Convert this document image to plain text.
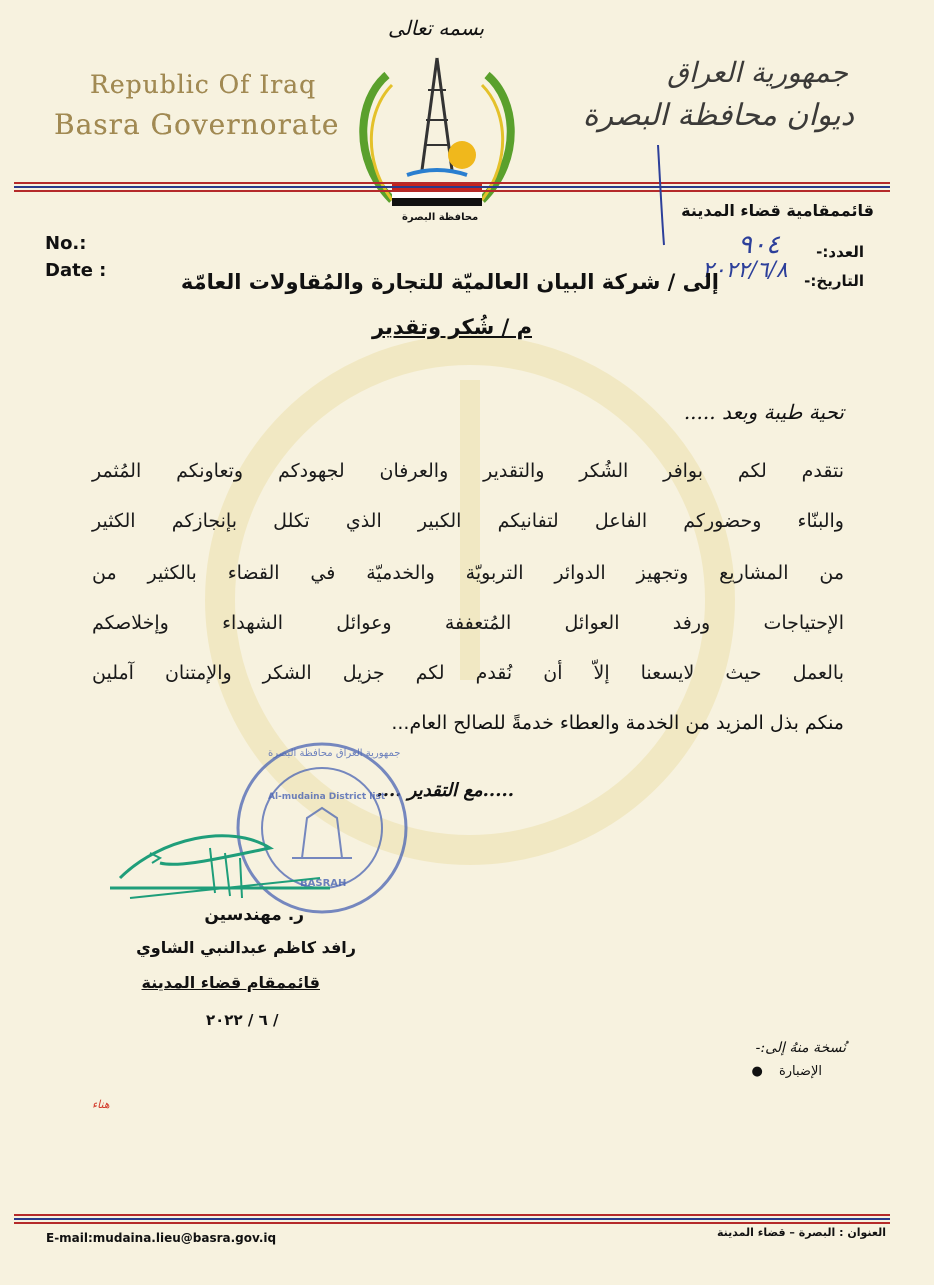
بسمه تعالى
Republic Of Iraq
Basra Governorate
جمهورية العراق
ديوان محافظة البصرة
محافظة البصرة	قائممقامية قضاء المدينة
No.:
Date :
العدد:-
٩٠٤
التاريخ:-
٢٠٢٢/٦/٨
إلى / شركة البيان العالميّة للتجارة والمُقاولات العامّة
م / شُكر وتقدير
تحية طيبة وبعد .....
نتقدم لكم بوافر الشُكر والتقدير والعرفان لجهودكم وتعاونكم المُثمر
والبنّاء وحضوركم الفاعل لتفانيكم الكبير الذي تكلل بإنجازكم الكثير
من المشاريع وتجهيز الدوائر التربويّة والخدميّة في القضاء بالكثير من
الإحتياجات ورفد العوائل المُتعففة وعوائل الشهداء وإخلاصكم
بالعمل حيث لايسعنا إلاّ أن نُقدم لكم جزيل الشكر والإمتنان آملين
منكم بذل المزيد من الخدمة والعطاء خدمةً للصالح العام...
.....مع التقدير ....
جمهورية العراق محافظة البصرة
Al-mudaina District list
BASRAH
ر. مهندسين
رافد كاظم عبدالنبي الشاوي
قائممقام قضاء المدينة
/ ٦ / ٢٠٢٢
نُسخة منهُ إلى:-
الإضبارة ●
هناء
E-mail:mudaina.lieu@basra.gov.iq	العنوان : البصرة – قضاء المدينة
